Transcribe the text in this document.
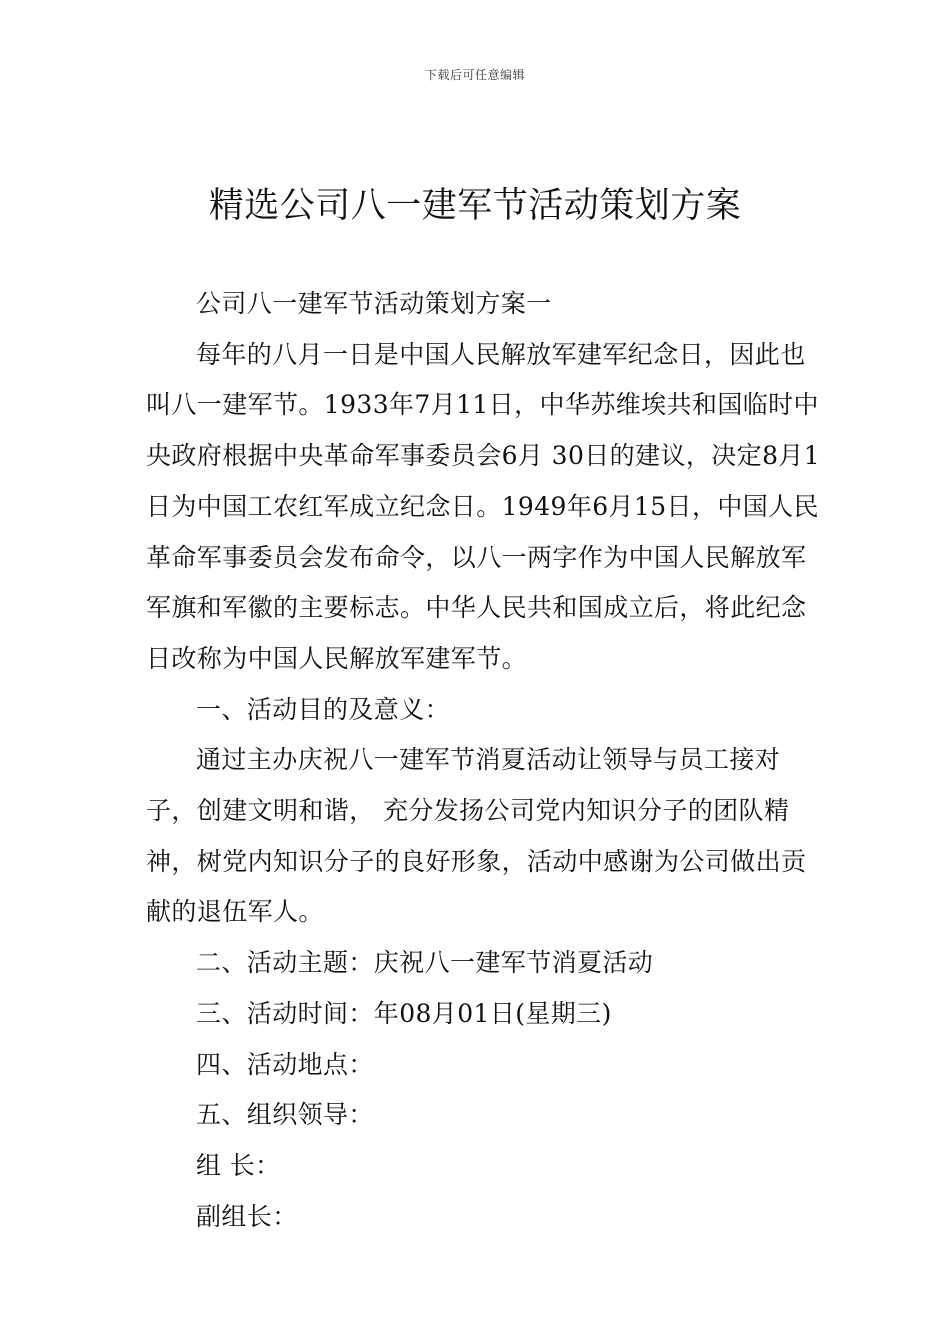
下载后可任意编辑
精选公司八一建军节活动策划方案

公司八一建军节活动策划方案一

每年的八月一日是中国人民解放军建军纪念日，因此也叫八一建军节。1933年7月11日，中华苏维埃共和国临时中央政府根据中央革命军事委员会6月 30日的建议，决定8月1日为中国工农红军成立纪念日。1949年6月15日，中国人民革命军事委员会发布命令，以八一两字作为中国人民解放军军旗和军徽的主要标志。中华人民共和国成立后，将此纪念日改称为中国人民解放军建军节。

一、活动目的及意义：

通过主办庆祝八一建军节消夏活动让领导与员工接对子，创建文明和谐， 充分发扬公司党内知识分子的团队精神，树党内知识分子的良好形象，活动中感谢为公司做出贡献的退伍军人。

二、活动主题：庆祝八一建军节消夏活动

三、活动时间：年08月01日(星期三)

四、活动地点：

五、组织领导：

组 长：

副组长：
